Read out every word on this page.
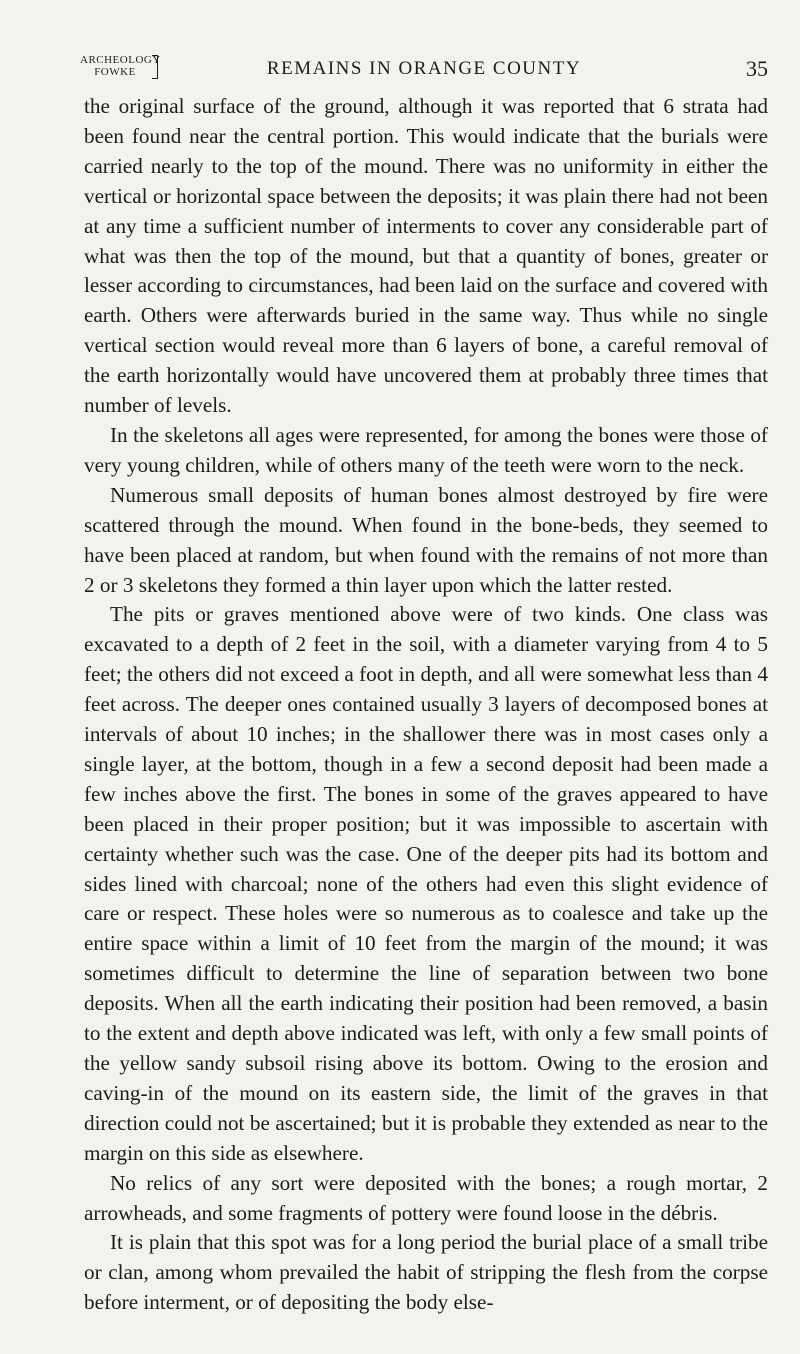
ARCHEOLOGY
FOWKE	REMAINS IN ORANGE COUNTY	35

the original surface of the ground, although it was reported that 6 strata had been found near the central portion. This would indicate that the burials were carried nearly to the top of the mound. There was no uniformity in either the vertical or horizontal space between the deposits; it was plain there had not been at any time a sufficient number of interments to cover any considerable part of what was then the top of the mound, but that a quantity of bones, greater or lesser according to circumstances, had been laid on the surface and covered with earth. Others were afterwards buried in the same way. Thus while no single vertical section would reveal more than 6 layers of bone, a careful removal of the earth horizontally would have uncovered them at probably three times that number of levels.

In the skeletons all ages were represented, for among the bones were those of very young children, while of others many of the teeth were worn to the neck.

Numerous small deposits of human bones almost destroyed by fire were scattered through the mound. When found in the bone-beds, they seemed to have been placed at random, but when found with the remains of not more than 2 or 3 skeletons they formed a thin layer upon which the latter rested.

The pits or graves mentioned above were of two kinds. One class was excavated to a depth of 2 feet in the soil, with a diameter varying from 4 to 5 feet; the others did not exceed a foot in depth, and all were somewhat less than 4 feet across. The deeper ones contained usually 3 layers of decomposed bones at intervals of about 10 inches; in the shallower there was in most cases only a single layer, at the bottom, though in a few a second deposit had been made a few inches above the first. The bones in some of the graves appeared to have been placed in their proper position; but it was impossible to ascertain with certainty whether such was the case. One of the deeper pits had its bottom and sides lined with charcoal; none of the others had even this slight evidence of care or respect. These holes were so numerous as to coalesce and take up the entire space within a limit of 10 feet from the margin of the mound; it was sometimes difficult to determine the line of separation between two bone deposits. When all the earth indicating their position had been removed, a basin to the extent and depth above indicated was left, with only a few small points of the yellow sandy subsoil rising above its bottom. Owing to the erosion and caving-in of the mound on its eastern side, the limit of the graves in that direction could not be ascertained; but it is probable they extended as near to the margin on this side as elsewhere.

No relics of any sort were deposited with the bones; a rough mortar, 2 arrowheads, and some fragments of pottery were found loose in the débris.

It is plain that this spot was for a long period the burial place of a small tribe or clan, among whom prevailed the habit of stripping the flesh from the corpse before interment, or of depositing the body else-
